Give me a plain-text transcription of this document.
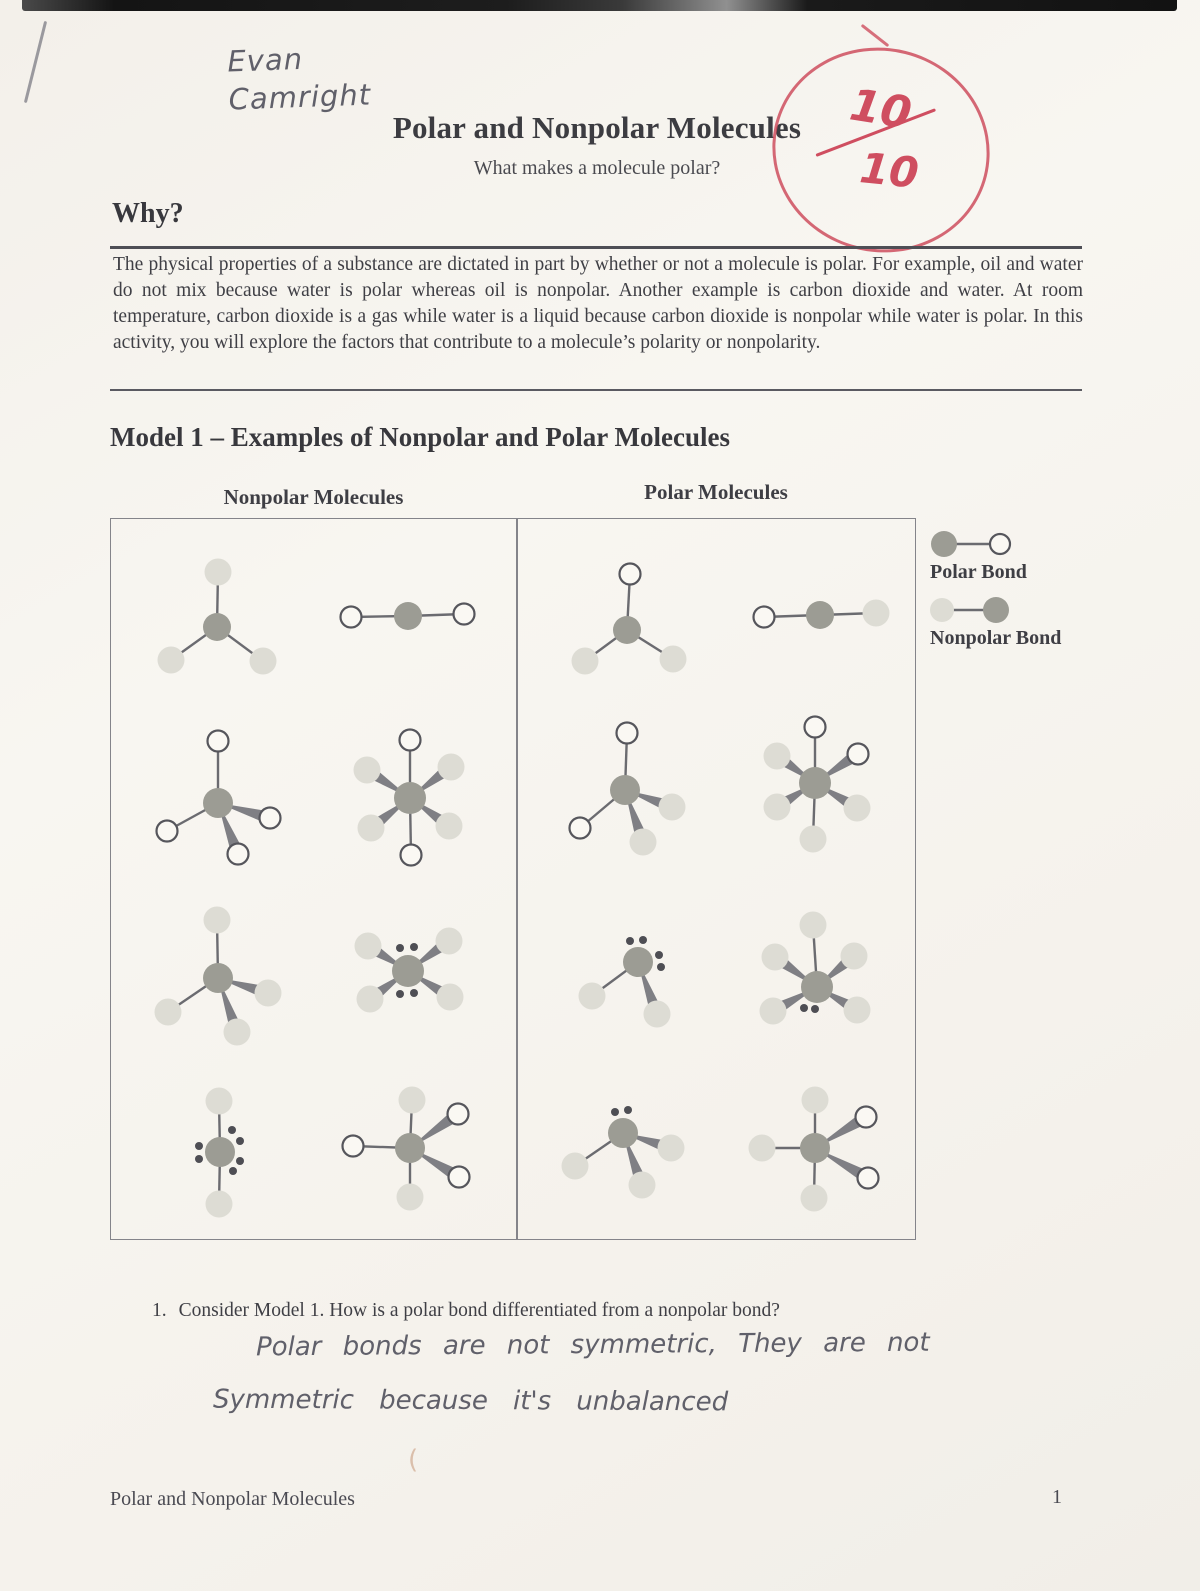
Evan
Camright
Polar and Nonpolar Molecules
What makes a molecule polar?
10
10
Why?

The physical properties of a substance are dictated in part by whether or not a molecule is polar. For example, oil and water do not mix because water is polar whereas oil is nonpolar. Another example is carbon dioxide and water. At room temperature, carbon dioxide is a gas while water is a liquid because carbon dioxide is nonpolar while water is polar. In this activity, you will explore the factors that contribute to a molecule’s polarity or nonpolarity.

Model 1 – Examples of Nonpolar and Polar Molecules
Nonpolar Molecules	Polar Molecules
Polar Bond
Nonpolar Bond
1. Consider Model 1. How is a polar bond differentiated from a nonpolar bond?
Polar bonds are not symmetric, They are not
Symmetric because it's unbalanced
(
Polar and Nonpolar Molecules	1
